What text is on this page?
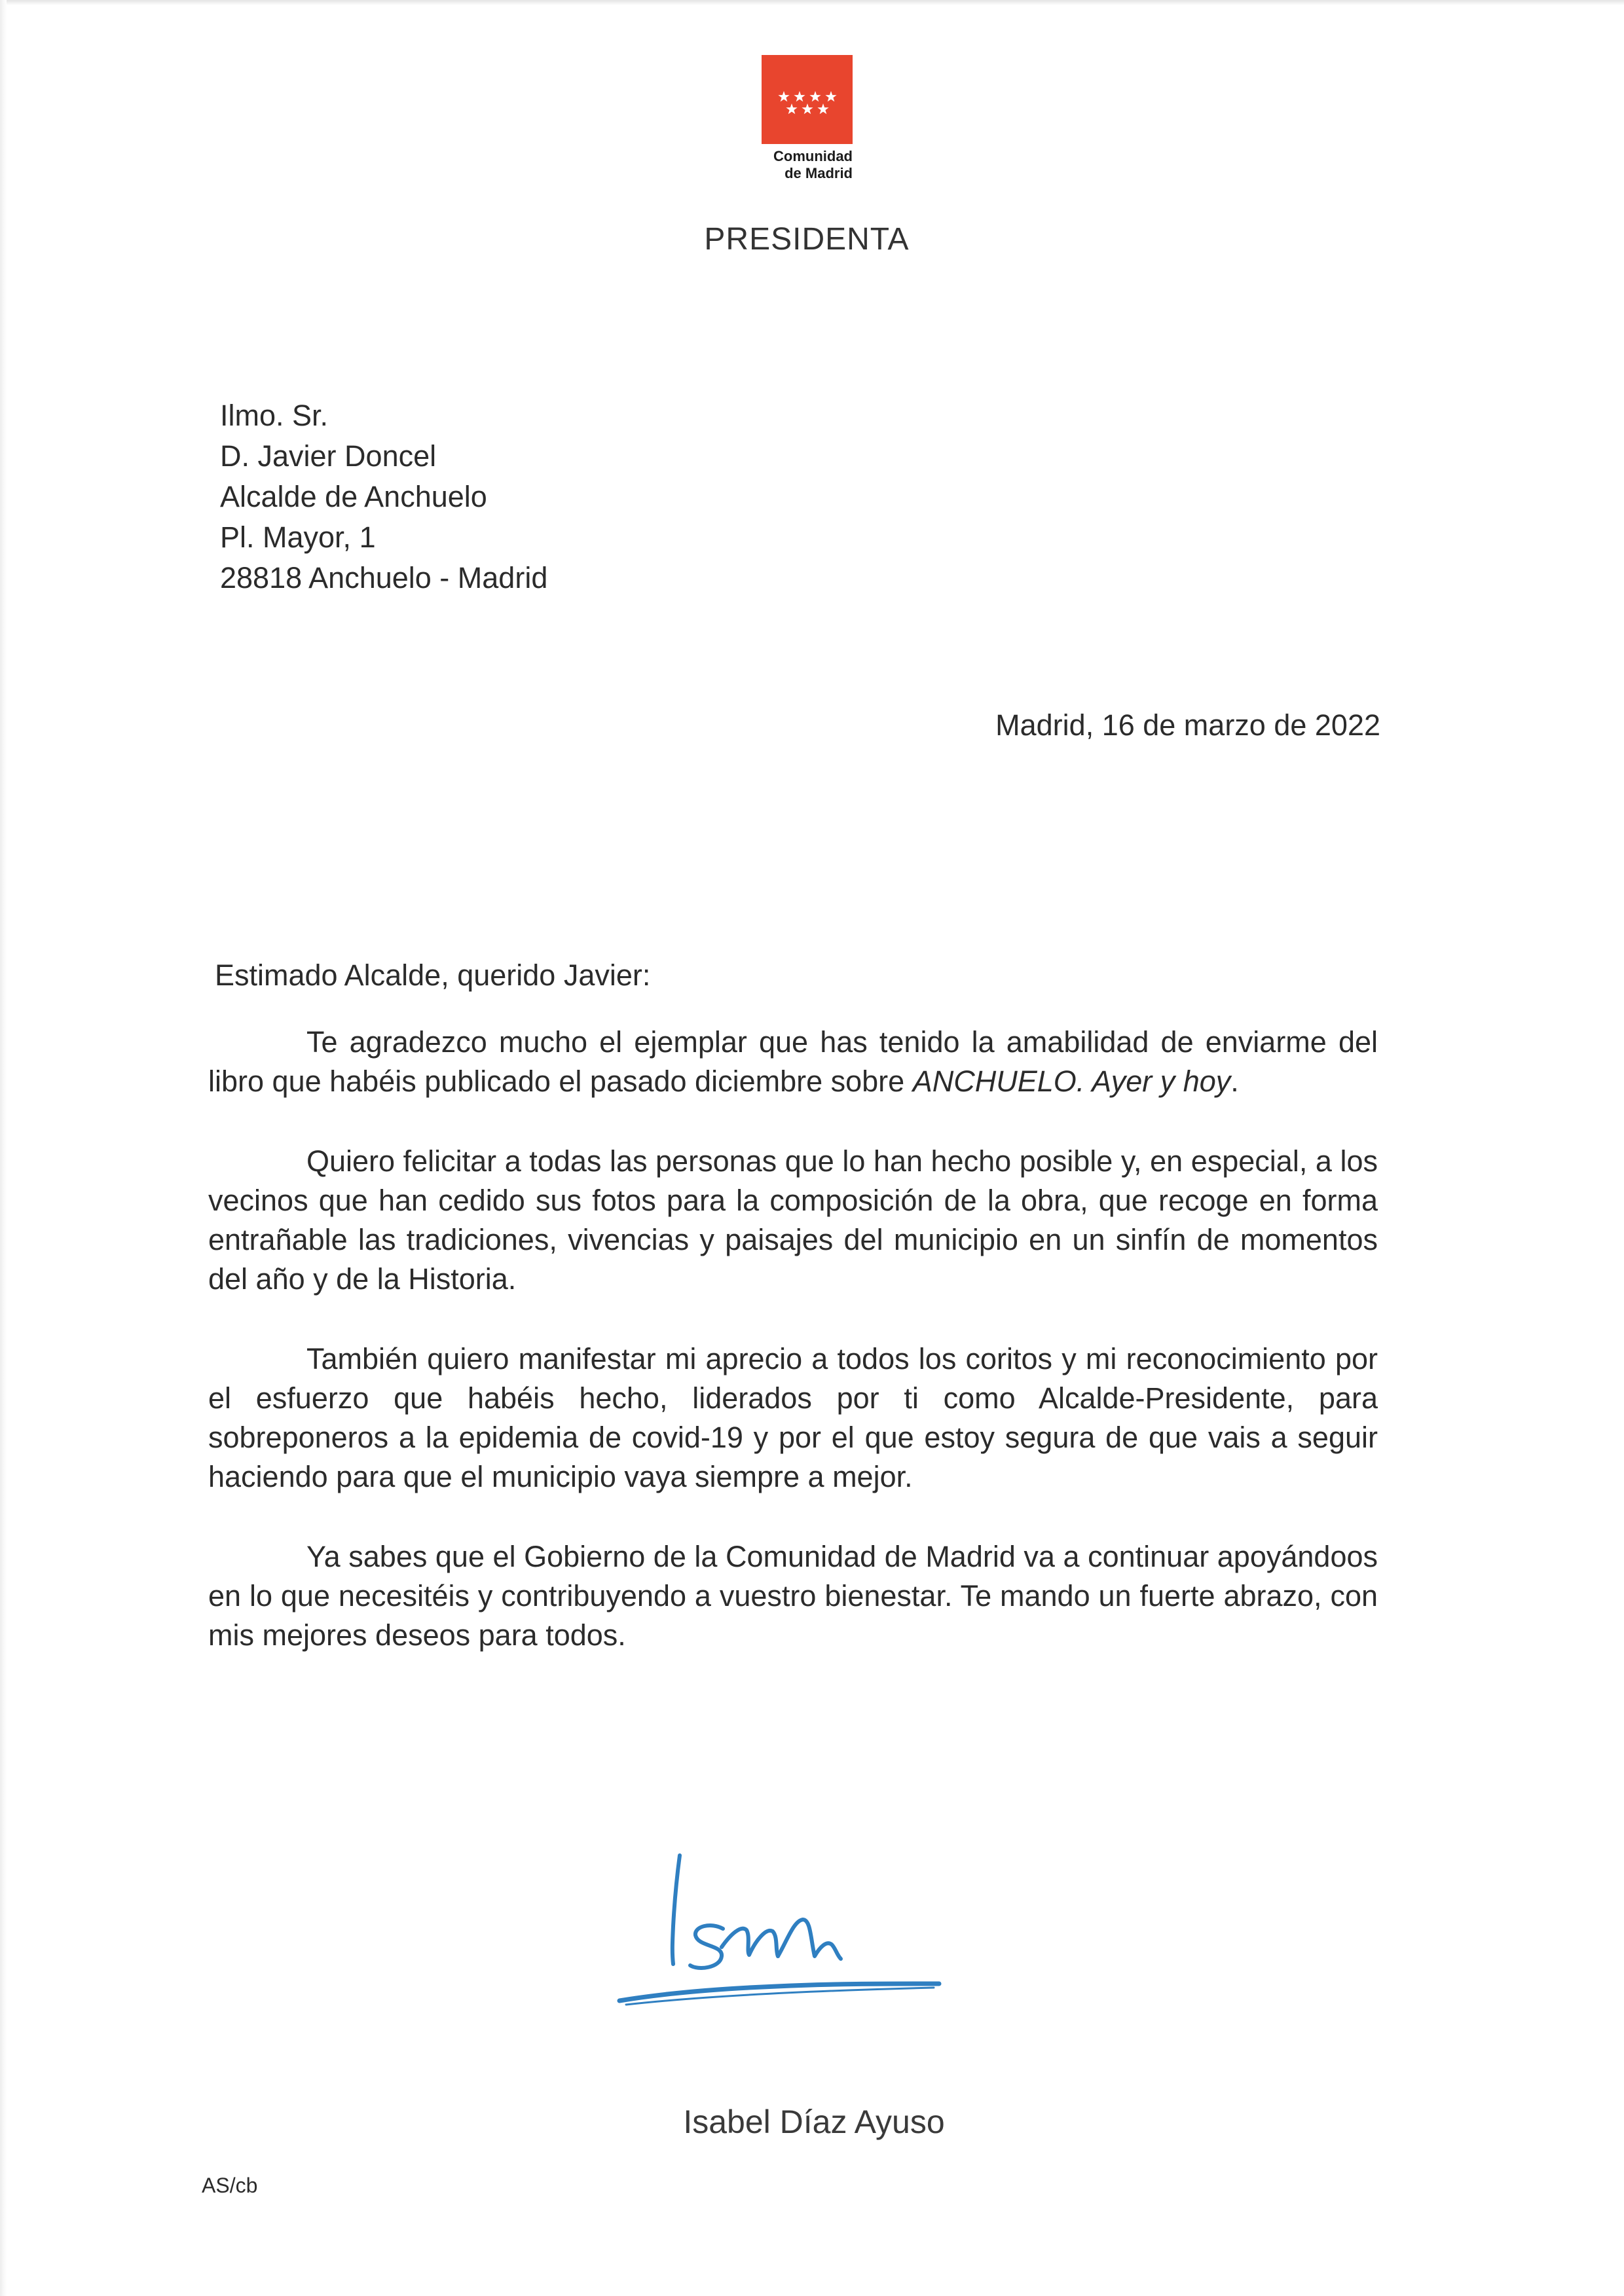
Comunidad
de Madrid
PRESIDENTA
Ilmo. Sr.
D. Javier Doncel
Alcalde de Anchuelo
Pl. Mayor, 1
28818 Anchuelo - Madrid
Madrid, 16 de marzo de 2022
Estimado Alcalde, querido Javier:

Te agradezco mucho el ejemplar que has tenido la amabilidad de enviarme del libro que habéis publicado el pasado diciembre sobre ANCHUELO. Ayer y hoy.

Quiero felicitar a todas las personas que lo han hecho posible y, en especial, a los vecinos que han cedido sus fotos para la composición de la obra, que recoge en forma entrañable las tradiciones, vivencias y paisajes del municipio en un sinfín de momentos del año y de la Historia.

También quiero manifestar mi aprecio a todos los coritos y mi reconocimiento por el esfuerzo que habéis hecho, liderados por ti como Alcalde-Presidente, para sobreponeros a la epidemia de covid-19 y por el que estoy segura de que vais a seguir haciendo para que el municipio vaya siempre a mejor.

Ya sabes que el Gobierno de la Comunidad de Madrid va a continuar apoyándoos en lo que necesitéis y contribuyendo a vuestro bienestar. Te mando un fuerte abrazo, con mis mejores deseos para todos.

Isabel Díaz Ayuso
AS/cb
